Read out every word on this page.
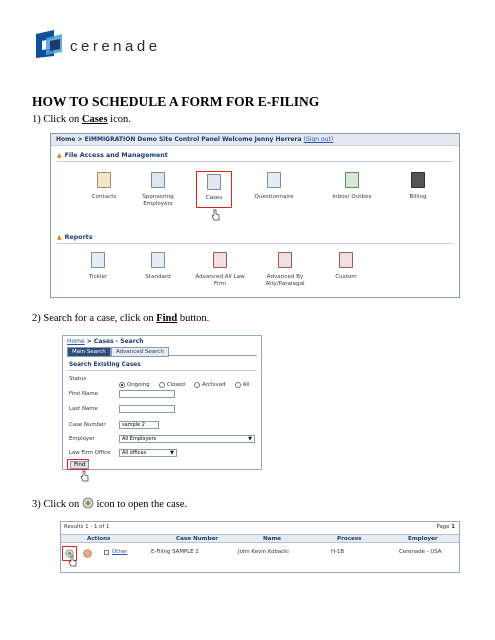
cerenade
HOW TO SCHEDULE A FORM FOR E-FILING
1) Click on Cases icon.
Home > EIMMIGRATION Demo Site Control Panel Welcome Jenny Herrera (Sign out)
▲ File Access and Management
Contacts	Sponsoring Employers
Cases	Questionnaire	Inbox/ Outbox	Billing
▲ Reports
Tickler	Standard	Advanced All Law Firm
Advanced By Atty/Paralegal
Custom
2) Search for a case, click on Find button.
Home > Cases - Search
Main Search	Advanced Search
Search Existing Cases
Status
Ongoing	Closed	Archived	All
First Name
Last Name
Case Number	sample 2
Employer	All Employers	▼
Law Firm Office	All offices	▼
Find
3) Click on  icon to open the case.
Results 1 - 1 of 1	Page 1
Actions	Case Number	Name	Process	Employer
Other	E-Filing SAMPLE 2	John Kevin Kobacki	H-1B	Cerenade - USA
